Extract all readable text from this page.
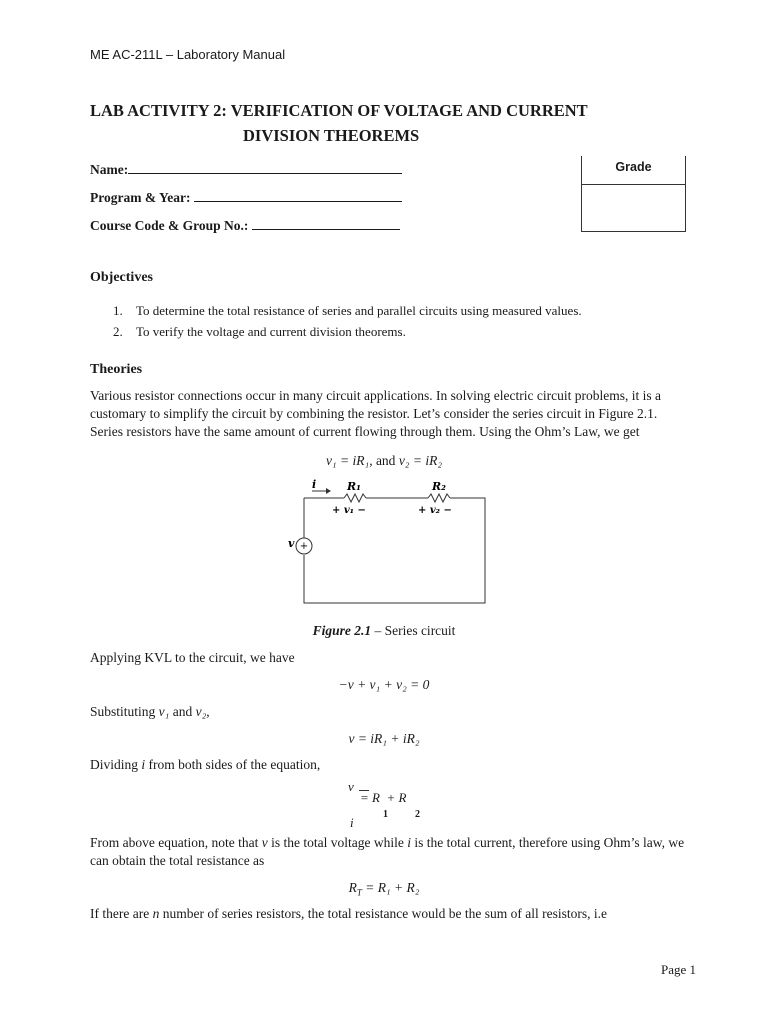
ME AC-211L – Laboratory Manual
LAB ACTIVITY 2: VERIFICATION OF VOLTAGE AND CURRENT
DIVISION THEOREMS
Name:
Program & Year:
Course Code & Group No.:
Grade
Objectives
1. To determine the total resistance of series and parallel circuits using measured values.
2. To verify the voltage and current division theorems.
Theories
Various resistor connections occur in many circuit applications. In solving electric circuit problems, it is a customary to simplify the circuit by combining the resistor. Let’s consider the series circuit in Figure 2.1. Series resistors have the same amount of current flowing through them. Using the Ohm’s Law, we get
v₁ = iR₁, and v₂ = iR₂
+
v
i	R₁	R₂
+ v₁ −	+ v₂ −
Figure 2.1 – Series circuit
Applying KVL to the circuit, we have
−v + v₁ + v₂ = 0
Substituting v₁ and v₂,
v = iR₁ + iR₂
Dividing i from both sides of the equation,
v
= R  + R
i
1	2
From above equation, note that v is the total voltage while i is the total current, therefore using Ohm’s law, we can obtain the total resistance as
$R_T = R_1 + R_2$
If there are n number of series resistors, the total resistance would be the sum of all resistors, i.e
Page 1
